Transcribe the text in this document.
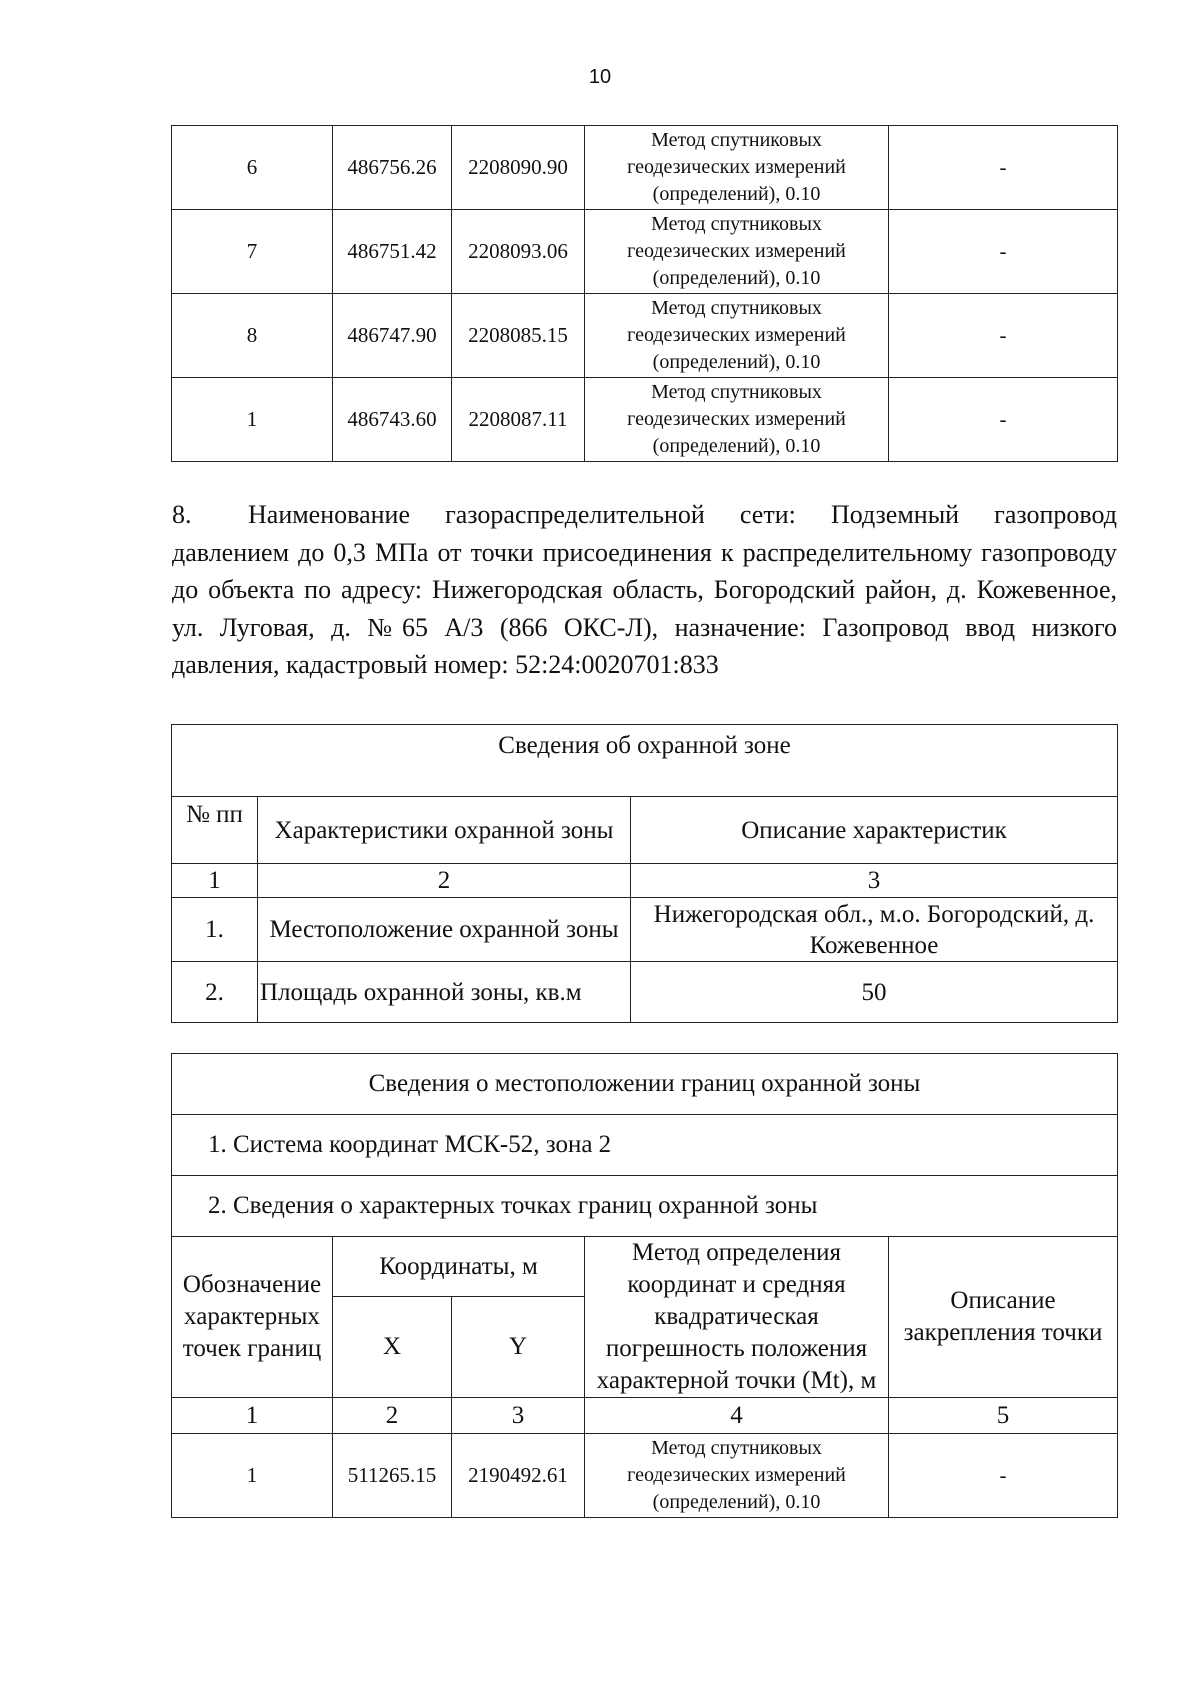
10
6	486756.26	2208090.90	Метод спутниковых
геодезических измерений
(определений), 0.10	-
7	486751.42	2208093.06	Метод спутниковых
геодезических измерений
(определений), 0.10	-
8	486747.90	2208085.15	Метод спутниковых
геодезических измерений
(определений), 0.10	-
1	486743.60	2208087.11	Метод спутниковых
геодезических измерений
(определений), 0.10	-
8. Наименование газораспределительной сети: Подземный газопровод давлением до 0,3 МПа от точки присоединения к распределительному газопроводу до объекта по адресу: Нижегородская область, Богородский район, д. Кожевенное, ул. Луговая, д. №65 А/3 (866 ОКС-Л), назначение: Газопровод ввод низкого давления, кадастровый номер: 52:24:0020701:833
Сведения об охранной зоне		
№ пп	Характеристики охранной зоны	Описание характеристик
1	2	3
1.	Местоположение охранной зоны	Нижегородская обл., м.о. Богородский, д. Кожевенное
2.	Площадь охранной зоны, кв.м	50
Сведения о местоположении границ охранной зоны				
1. Система координат МСК-52, зона 2				
2. Сведения о характерных точках границ охранной зоны				
Обозначение характерных точек границ	Координаты, м		Метод определения координат и средняя квадратическая погрешность положения характерной точки (Mt), м	Описание закрепления точки
	X	Y		
1	2	3	4	5
1	511265.15	2190492.61	Метод спутниковых
геодезических измерений
(определений), 0.10	-
